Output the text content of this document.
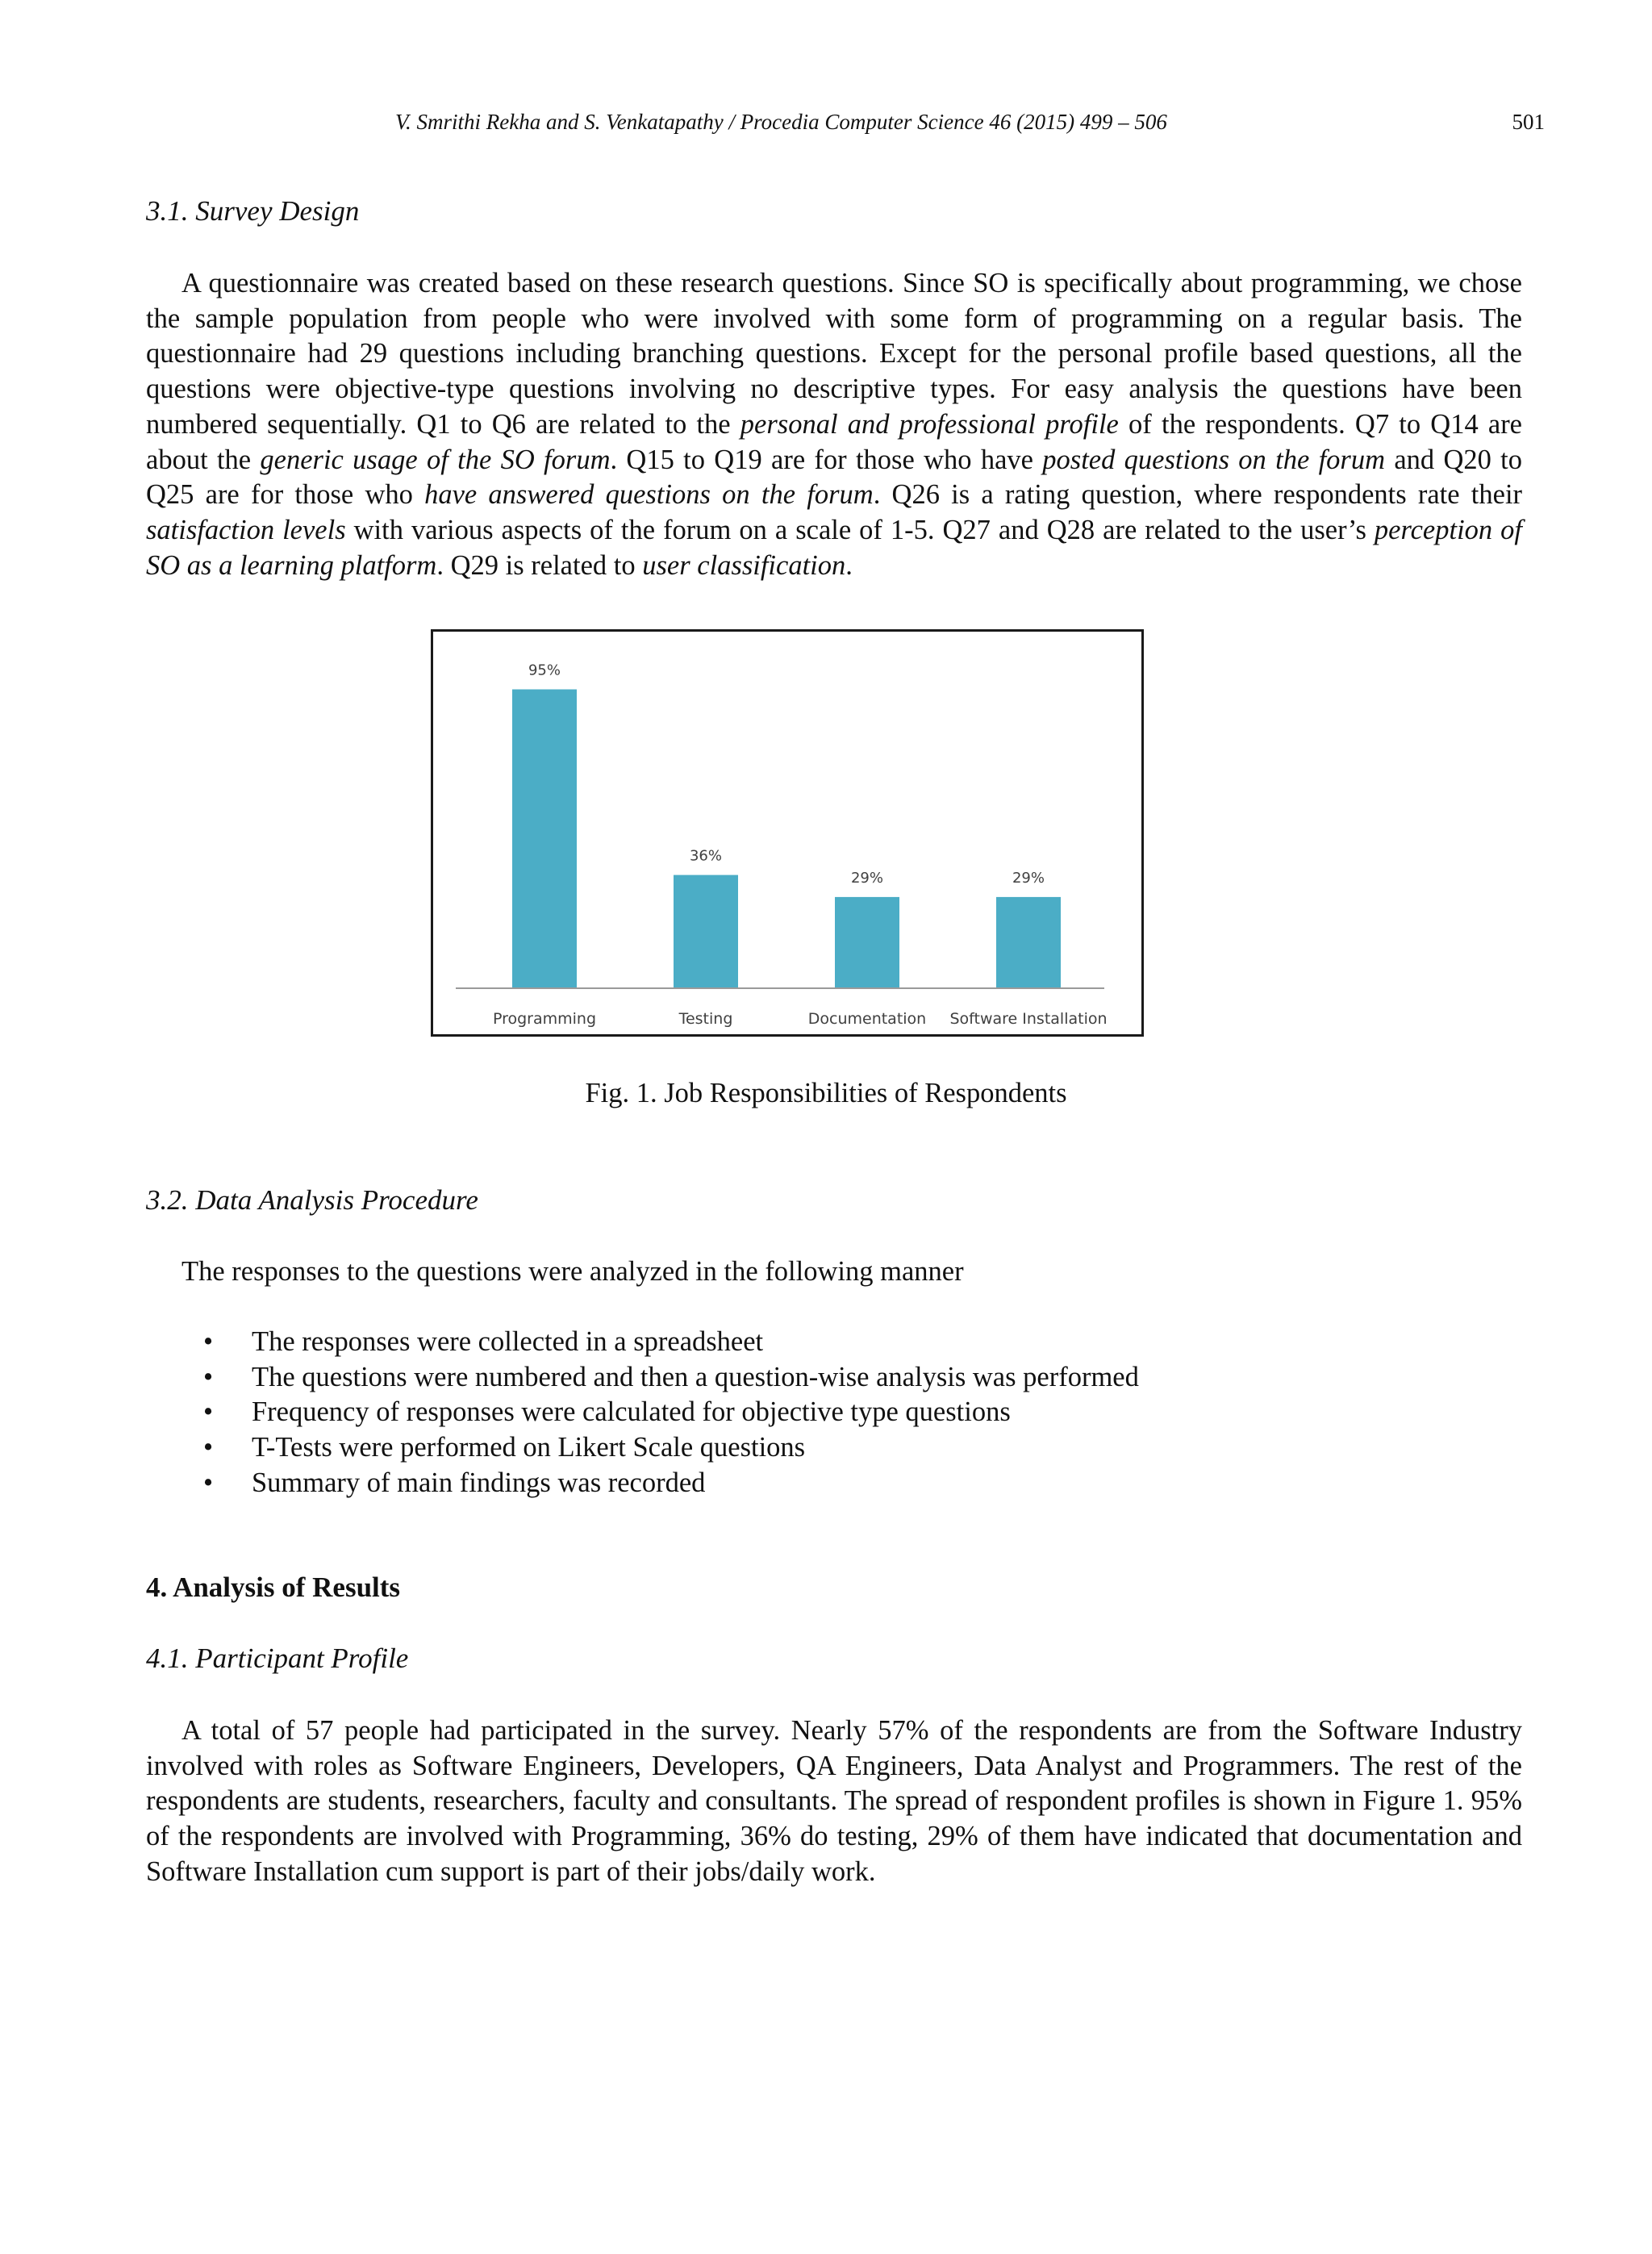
V. Smrithi Rekha and S. Venkatapathy / Procedia Computer Science 46 (2015) 499 – 506	501
3.1. Survey Design
A questionnaire was created based on these research questions. Since SO is specifically about programming, we chose the sample population from people who were involved with some form of programming on a regular basis. The questionnaire had 29 questions including branching questions. Except for the personal profile based questions, all the questions were objective-type questions involving no descriptive types. For easy analysis the questions have been numbered sequentially. Q1 to Q6 are related to the personal and professional profile of the respondents. Q7 to Q14 are about the generic usage of the SO forum. Q15 to Q19 are for those who have posted questions on the forum and Q20 to Q25 are for those who have answered questions on the forum. Q26 is a rating question, where respondents rate their satisfaction levels with various aspects of the forum on a scale of 1-5. Q27 and Q28 are related to the user’s perception of SO as a learning platform. Q29 is related to user classification.
95%
Programming
36%
Testing
29%
Documentation
29%
Software Installation
Fig. 1. Job Responsibilities of Respondents
3.2. Data Analysis Procedure
The responses to the questions were analyzed in the following manner
• The responses were collected in a spreadsheet
• The questions were numbered and then a question-wise analysis was performed
• Frequency of responses were calculated for objective type questions
• T-Tests were performed on Likert Scale questions
• Summary of main findings was recorded
4. Analysis of Results
4.1. Participant Profile
A total of 57 people had participated in the survey. Nearly 57% of the respondents are from the Software Industry involved with roles as Software Engineers, Developers, QA Engineers, Data Analyst and Programmers. The rest of the respondents are students, researchers, faculty and consultants. The spread of respondent profiles is shown in Figure 1. 95% of the respondents are involved with Programming, 36% do testing, 29% of them have indicated that documentation and Software Installation cum support is part of their jobs/daily work.
